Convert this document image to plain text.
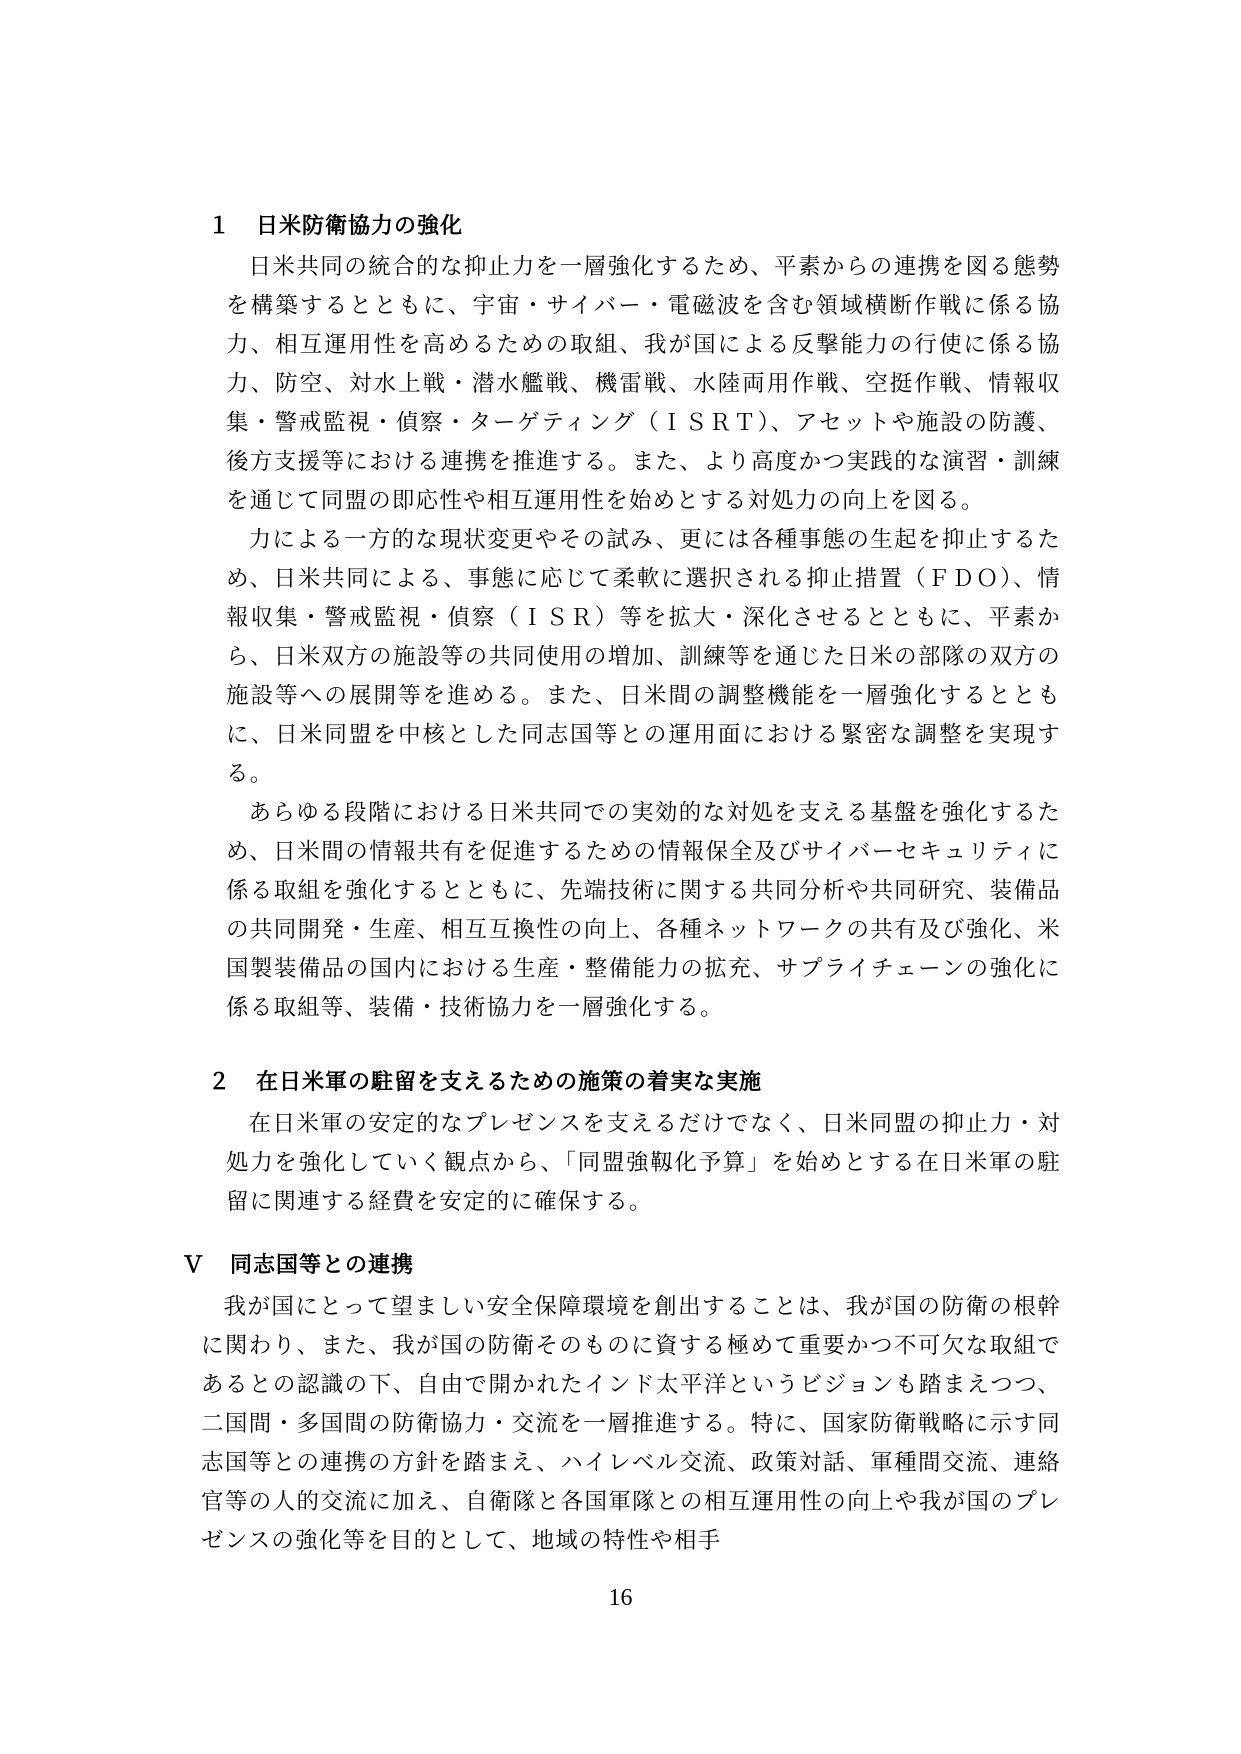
１ 日米防衛協力の強化

日米共同の統合的な抑止力を一層強化するため、平素からの連携を図る態勢を構築するとともに、宇宙・サイバー・電磁波を含む領域横断作戦に係る協力、相互運用性を高めるための取組、我が国による反撃能力の行使に係る協力、防空、対水上戦・潜水艦戦、機雷戦、水陸両用作戦、空挺作戦、情報収集・警戒監視・偵察・ターゲティング（ＩＳＲＴ）、アセットや施設の防護、後方支援等における連携を推進する。また、より高度かつ実践的な演習・訓練を通じて同盟の即応性や相互運用性を始めとする対処力の向上を図る。

力による一方的な現状変更やその試み、更には各種事態の生起を抑止するため、日米共同による、事態に応じて柔軟に選択される抑止措置（ＦＤＯ）、情報収集・警戒監視・偵察（ＩＳＲ）等を拡大・深化させるとともに、平素から、日米双方の施設等の共同使用の増加、訓練等を通じた日米の部隊の双方の施設等への展開等を進める。また、日米間の調整機能を一層強化するとともに、日米同盟を中核とした同志国等との運用面における緊密な調整を実現する。

あらゆる段階における日米共同での実効的な対処を支える基盤を強化するため、日米間の情報共有を促進するための情報保全及びサイバーセキュリティに係る取組を強化するとともに、先端技術に関する共同分析や共同研究、装備品の共同開発・生産、相互互換性の向上、各種ネットワークの共有及び強化、米国製装備品の国内における生産・整備能力の拡充、サプライチェーンの強化に係る取組等、装備・技術協力を一層強化する。

２ 在日米軍の駐留を支えるための施策の着実な実施

在日米軍の安定的なプレゼンスを支えるだけでなく、日米同盟の抑止力・対処力を強化していく観点から、「同盟強靱化予算」を始めとする在日米軍の駐留に関連する経費を安定的に確保する。

Ｖ 同志国等との連携

我が国にとって望ましい安全保障環境を創出することは、我が国の防衛の根幹に関わり、また、我が国の防衛そのものに資する極めて重要かつ不可欠な取組であるとの認識の下、自由で開かれたインド太平洋というビジョンも踏まえつつ、二国間・多国間の防衛協力・交流を一層推進する。特に、国家防衛戦略に示す同志国等との連携の方針を踏まえ、ハイレベル交流、政策対話、軍種間交流、連絡官等の人的交流に加え、自衛隊と各国軍隊との相互運用性の向上や我が国のプレゼンスの強化等を目的として、地域の特性や相手

16
